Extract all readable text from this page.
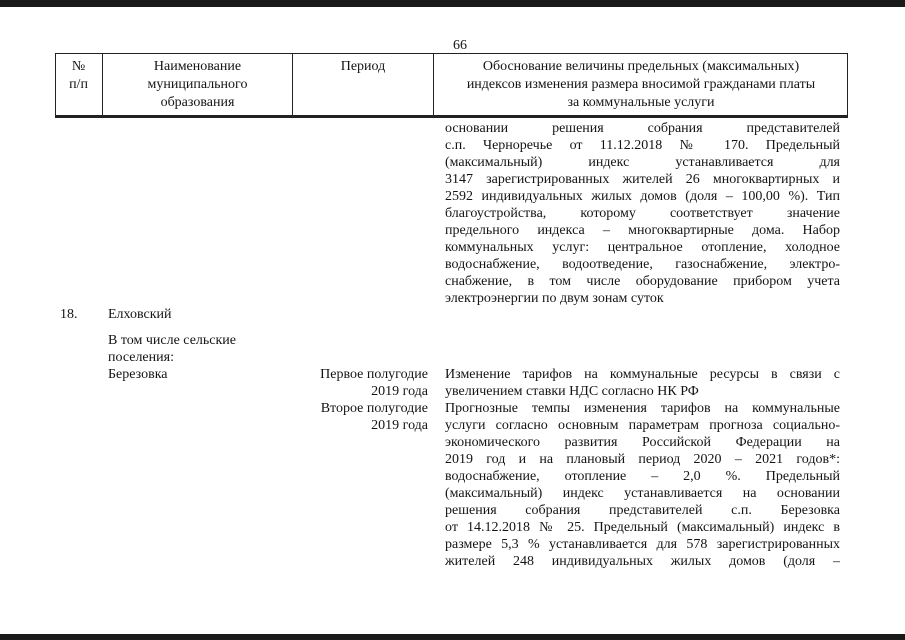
66
№
п/п
Наименование
муниципального
образования
Период	Обоснование величины предельных (максимальных)
индексов изменения размера вносимой гражданами платы
за коммунальные услуги
основании решения собрания представителей
с.п. Черноречье от 11.12.2018 № 170. Предельный
(максимальный) индекс устанавливается для
3147 зарегистрированных жителей 26 многоквартирных и
2592 индивидуальных жилых домов (доля – 100,00 %). Тип
благоустройства, которому соответствует значение
предельного индекса – многоквартирные дома. Набор
коммунальных услуг: центральное отопление, холодное
водоснабжение, водоотведение, газоснабжение, электро-
снабжение, в том числе оборудование прибором учета
электроэнергии по двум зонам суток
18. Елховский
В том числе сельские
поселения:
Березовка	Первое полугодие
2019 года
Второе полугодие
2019 года
Изменение тарифов на коммунальные ресурсы в связи с
увеличением ставки НДС согласно НК РФ
Прогнозные темпы изменения тарифов на коммунальные
услуги согласно основным параметрам прогноза социально-
экономического развития Российской Федерации на
2019 год и на плановый период 2020 – 2021 годов*:
водоснабжение, отопление – 2,0 %. Предельный
(максимальный) индекс устанавливается на основании
решения собрания представителей с.п. Березовка
от 14.12.2018 № 25. Предельный (максимальный) индекс в
размере 5,3 % устанавливается для 578 зарегистрированных
жителей 248 индивидуальных жилых домов (доля –
